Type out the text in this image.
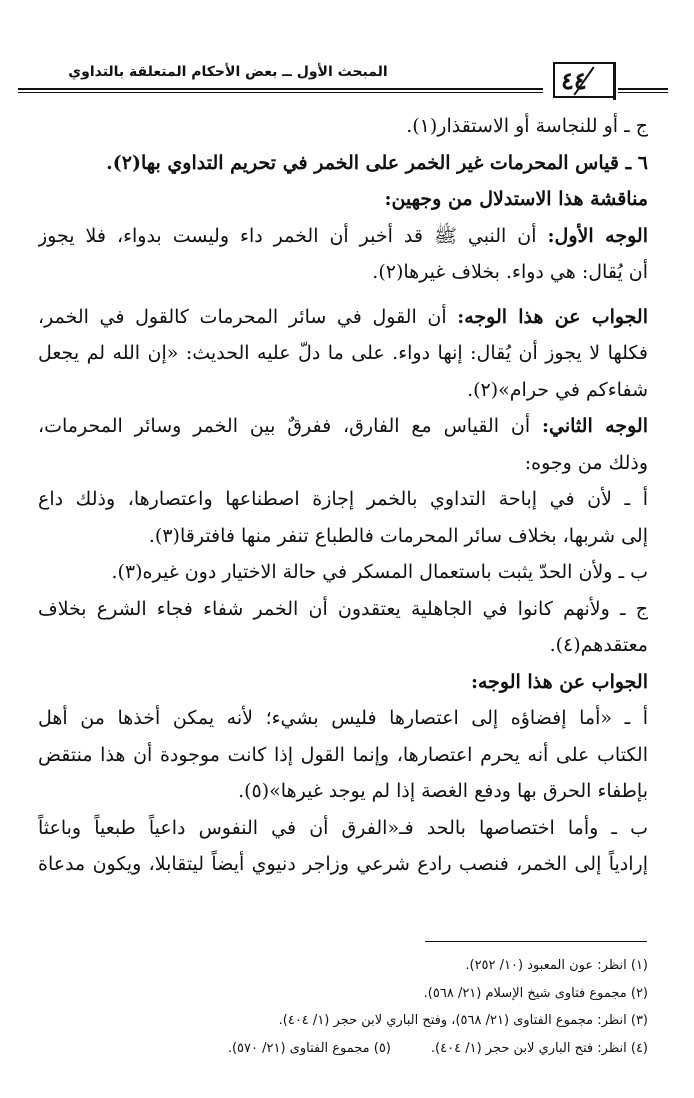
المبحث الأول ــ بعض الأحكام المتعلقة بالتداوي	٤٤
ج ـ أو للنجاسة أو الاستقذار(١).
٦ ـ قياس المحرمات غير الخمر على الخمر في تحريم التداوي بها(٢).
مناقشة هذا الاستدلال من وجهين:
الوجه الأول: أن النبي ﷺ قد أخبر أن الخمر داء وليست بدواء، فلا يجوز
أن يُقال: هي دواء. بخلاف غيرها(٢).
الجواب عن هذا الوجه: أن القول في سائر المحرمات كالقول في الخمر،
فكلها لا يجوز أن يُقال: إنها دواء. على ما دلّ عليه الحديث: «إن الله لم يجعل
شفاءكم في حرام»(٢).
الوجه الثاني: أن القياس مع الفارق، ففرقٌ بين الخمر وسائر المحرمات،
وذلك من وجوه:
أ ـ لأن في إباحة التداوي بالخمر إجازة اصطناعها واعتصارها، وذلك داع
إلى شربها، بخلاف سائر المحرمات فالطباع تنفر منها فافترقا(٣).
ب ـ ولأن الحدّ يثبت باستعمال المسكر في حالة الاختيار دون غيره(٣).
ج ـ ولأنهم كانوا في الجاهلية يعتقدون أن الخمر شفاء فجاء الشرع بخلاف
معتقدهم(٤).
الجواب عن هذا الوجه:
أ ـ «أما إفضاؤه إلى اعتصارها فليس بشيء؛ لأنه يمكن أخذها من أهل
الكتاب على أنه يحرم اعتصارها، وإنما القول إذا كانت موجودة أن هذا منتقض
بإطفاء الحرق بها ودفع الغصة إذا لم يوجد غيرها»(٥).
ب ـ وأما اختصاصها بالحد فـ«الفرق أن في النفوس داعياً طبعياً وباعثاً
إرادياً إلى الخمر، فنصب رادع شرعي وزاجر دنيوي أيضاً ليتقابلا، ويكون مدعاة
(١) انظر: عون المعبود (١٠/ ٢٥٢).
(٢) مجموع فتاوى شيخ الإسلام (٢١/ ٥٦٨).
(٣) انظر: مجموع الفتاوى (٢١/ ٥٦٨)، وفتح الباري لابن حجر (١/ ٤٠٤).
(٤) انظر: فتح الباري لابن حجر (١/ ٤٠٤).(٥) مجموع الفتاوى (٢١/ ٥٧٠).
